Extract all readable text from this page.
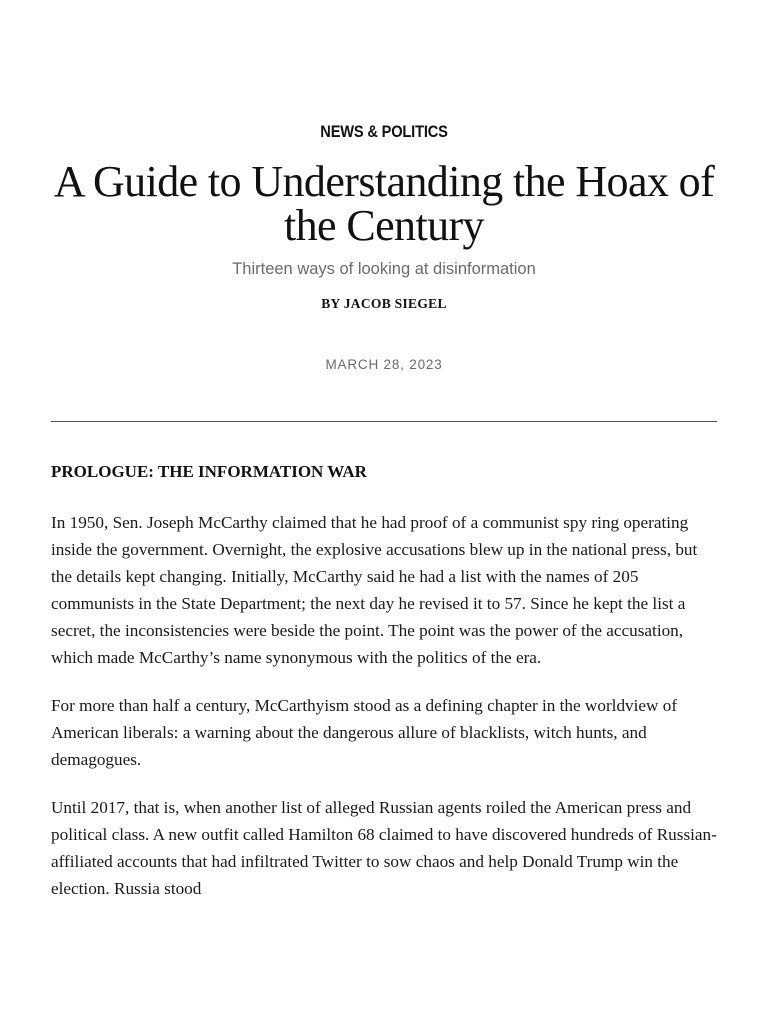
NEWS & POLITICS
A Guide to Understanding the Hoax of the Century
Thirteen ways of looking at disinformation
BY JACOB SIEGEL
MARCH 28, 2023
PROLOGUE: THE INFORMATION WAR

In 1950, Sen. Joseph McCarthy claimed that he had proof of a communist spy ring operating inside the government. Overnight, the explosive accusations blew up in the national press, but the details kept changing. Initially, McCarthy said he had a list with the names of 205 communists in the State Department; the next day he revised it to 57. Since he kept the list a secret, the inconsistencies were beside the point. The point was the power of the accusation, which made McCarthy’s name synonymous with the politics of the era.

For more than half a century, McCarthyism stood as a defining chapter in the worldview of American liberals: a warning about the dangerous allure of blacklists, witch hunts, and demagogues.

Until 2017, that is, when another list of alleged Russian agents roiled the American press and political class. A new outfit called Hamilton 68 claimed to have discovered hundreds of Russian-affiliated accounts that had infiltrated Twitter to sow chaos and help Donald Trump win the election. Russia stood
